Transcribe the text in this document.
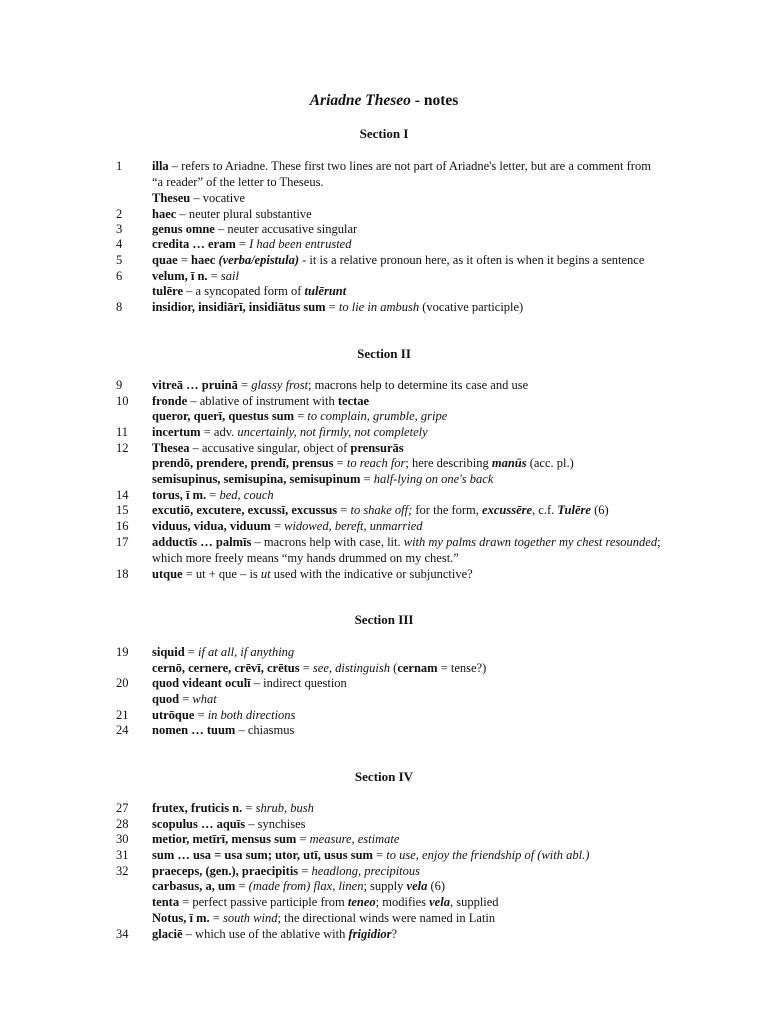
Ariadne Theseo - notes
Section I
1	illa – refers to Ariadne. These first two lines are not part of Ariadne's letter, but are a comment from
“a reader” of the letter to Theseus.
Theseu – vocative
2	haec – neuter plural substantive
3	genus omne – neuter accusative singular
4	credita … eram = I had been entrusted
5	quae = haec (verba/epistula) - it is a relative pronoun here, as it often is when it begins a sentence
6	velum, ī n. = sail
tulēre – a syncopated form of tulērunt
8	insidior, insidiārī, insidiātus sum = to lie in ambush (vocative participle)
Section II
9	vitreā … pruinā = glassy frost; macrons help to determine its case and use
10	fronde – ablative of instrument with tectae
queror, querī, questus sum = to complain, grumble, gripe
11	incertum = adv. uncertainly, not firmly, not completely
12	Thesea – accusative singular, object of prensurās
prendō, prendere, prendī, prensus = to reach for; here describing manūs (acc. pl.)
semisupinus, semisupina, semisupinum = half-lying on one's back
14	torus, ī m. = bed, couch
15	excutiō, excutere, excussī, excussus = to shake off; for the form, excussēre, c.f. Tulēre (6)
16	viduus, vidua, viduum = widowed, bereft, unmarried
17	adductīs … palmīs – macrons help with case, lit. with my palms drawn together my chest resounded;
which more freely means “my hands drummed on my chest.”
18	utque = ut + que – is ut used with the indicative or subjunctive?
Section III
19	siquid = if at all, if anything
cernō, cernere, crēvī, crētus = see, distinguish (cernam = tense?)
20	quod videant oculī – indirect question
quod = what
21	utrōque = in both directions
24	nomen … tuum – chiasmus
Section IV
27	frutex, fruticis n. = shrub, bush
28	scopulus … aquīs – synchises
30	metior, metīrī, mensus sum = measure, estimate
31	sum … usa = usa sum; utor, utī, usus sum = to use, enjoy the friendship of (with abl.)
32	praeceps, (gen.), praecipitis = headlong, precipitous
carbasus, a, um = (made from) flax, linen; supply vela (6)
tenta = perfect passive participle from teneo; modifies vela, supplied
Notus, ī m. = south wind; the directional winds were named in Latin
34	glaciē – which use of the ablative with frigidior?
